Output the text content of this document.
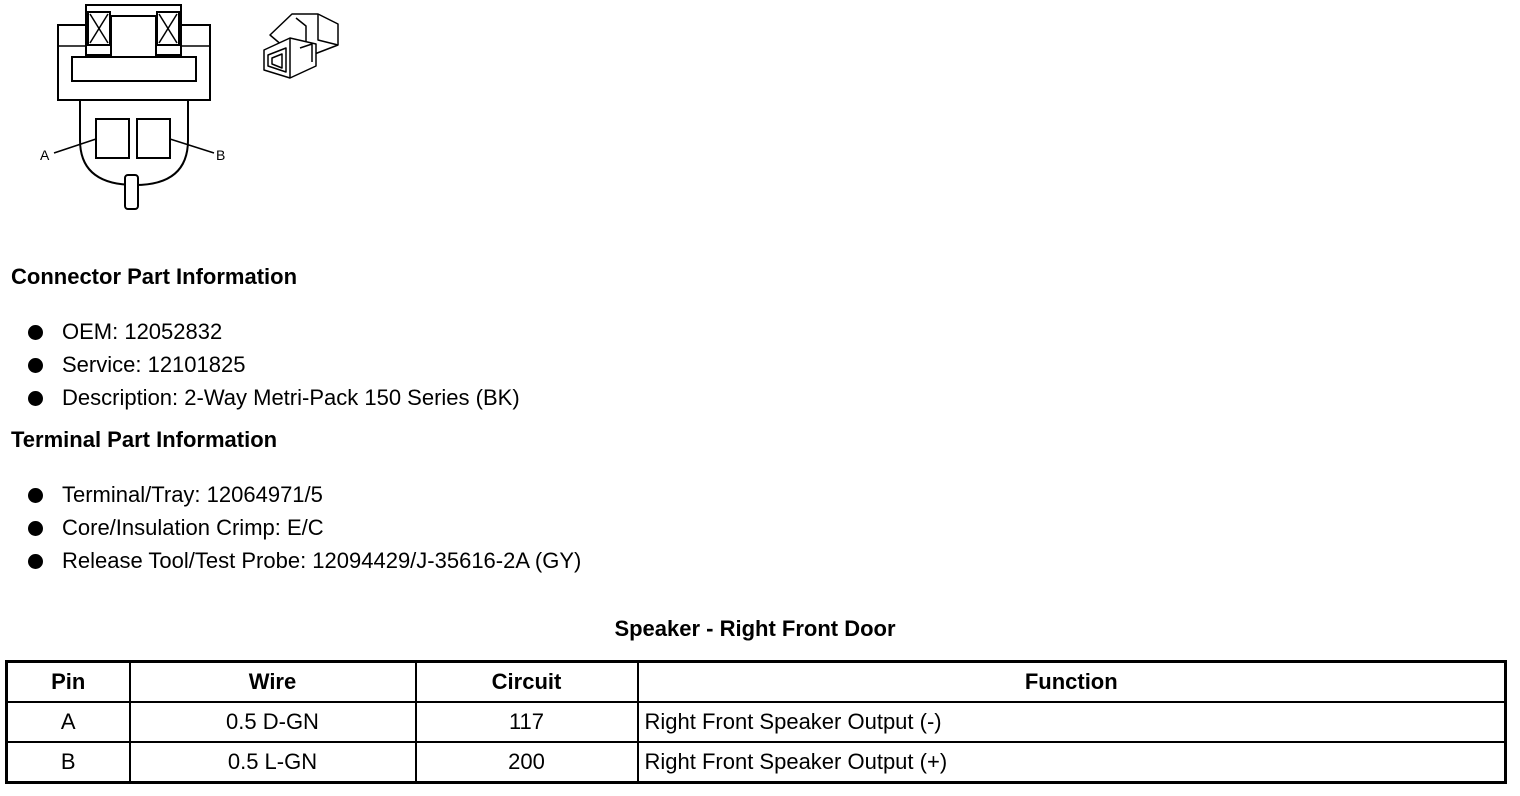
A	B
Connector Part Information
OEM: 12052832
Service: 12101825
Description: 2-Way Metri-Pack 150 Series (BK)
Terminal Part Information
Terminal/Tray: 12064971/5
Core/Insulation Crimp: E/C
Release Tool/Test Probe: 12094429/J-35616-2A (GY)
Speaker - Right Front Door
Pin	Wire	Circuit	Function
A	0.5 D-GN	117	Right Front Speaker Output (-)
B	0.5 L-GN	200	Right Front Speaker Output (+)
